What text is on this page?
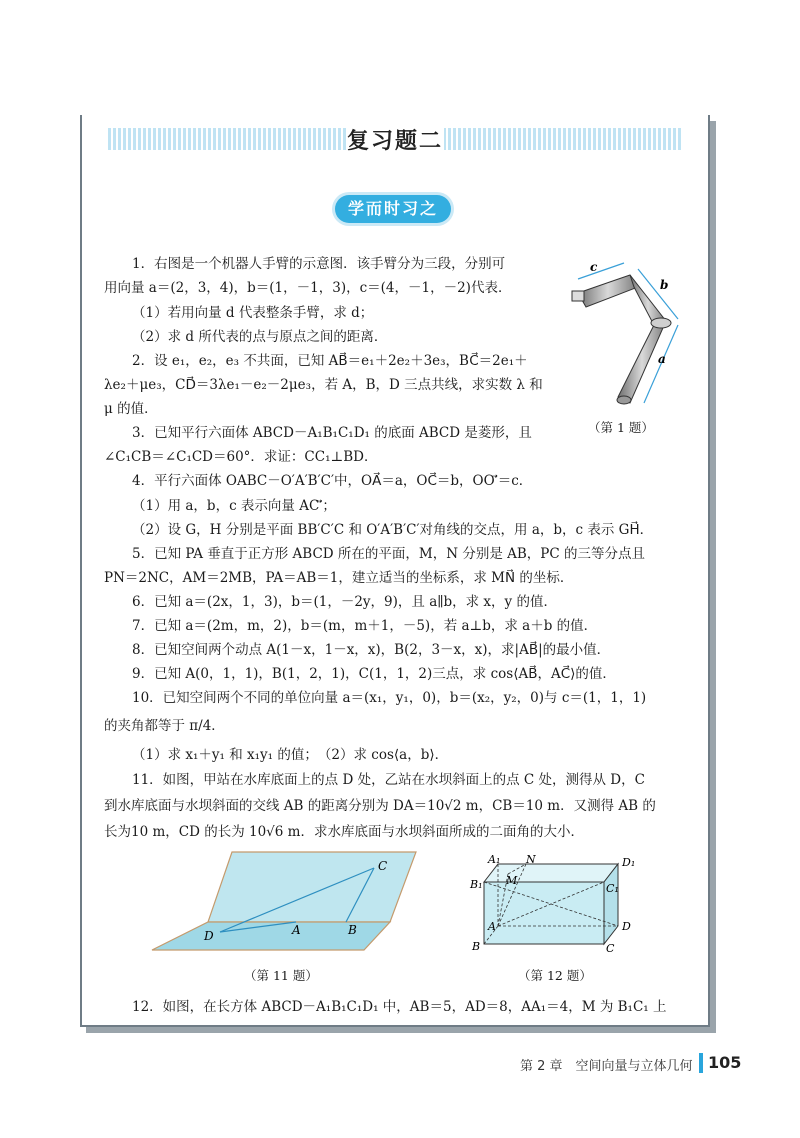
复习题二
学而时习之
1．右图是一个机器人手臂的示意图．该手臂分为三段，分别可
用向量 a＝(2，3，4)，b＝(1，－1，3)，c＝(4，－1，－2)代表．
（1）若用向量 d 代表整条手臂，求 d；
（2）求 d 所代表的点与原点之间的距离．
2．设 e₁，e₂，e₃ 不共面，已知 AB⃗＝e₁＋2e₂＋3e₃，BC⃗＝2e₁＋
λe₂＋μe₃，CD⃗＝3λe₁－e₂－2μe₃，若 A，B，D 三点共线，求实数 λ 和
μ 的值．
3．已知平行六面体 ABCD－A₁B₁C₁D₁ 的底面 ABCD 是菱形，且
∠C₁CB＝∠C₁CD＝60°．求证：CC₁⊥BD．
4．平行六面体 OABC－O′A′B′C′中，OA⃗＝a，OC⃗＝b，OO′⃗＝c．
（1）用 a，b，c 表示向量 AC′⃗；
（2）设 G，H 分别是平面 BB′C′C 和 O′A′B′C′对角线的交点，用 a，b，c 表示 GH⃗．
5．已知 PA 垂直于正方形 ABCD 所在的平面，M，N 分别是 AB，PC 的三等分点且
PN＝2NC，AM＝2MB，PA＝AB＝1，建立适当的坐标系，求 MN⃗ 的坐标．
6．已知 a＝(2x，1，3)，b＝(1，－2y，9)，且 a∥b，求 x，y 的值．
7．已知 a＝(2m，m，2)，b＝(m，m＋1，－5)，若 a⊥b，求 a＋b 的值．
8．已知空间两个动点 A(1－x，1－x，x)，B(2，3－x，x)，求|AB⃗|的最小值．
9．已知 A(0，1，1)，B(1，2，1)，C(1，1，2)三点，求 cos⟨AB⃗，AC⃗⟩的值．
10．已知空间两个不同的单位向量 a＝(x₁，y₁，0)，b＝(x₂，y₂，0)与 c＝(1，1，1)
的夹角都等于 π/4．
（1）求 x₁＋y₁ 和 x₁y₁ 的值；　（2）求 cos⟨a，b⟩．
11．如图，甲站在水库底面上的点 D 处，乙站在水坝斜面上的点 C 处，测得从 D，C
到水库底面与水坝斜面的交线 AB 的距离分别为 DA＝10√2 m，CB＝10 m．又测得 AB 的
长为10 m，CD 的长为 10√6 m．求水库底面与水坝斜面所成的二面角的大小．
12．如图，在长方体 ABCD－A₁B₁C₁D₁ 中，AB＝5，AD＝8，AA₁＝4，M 为 B₁C₁ 上
c
b
a
（第 1 题）
C
D	A	B
（第 11 题）
A₁ N	D₁
B₁ M
C₁
A	D
B	C
（第 12 题）
第 2 章　空间向量与立体几何 105
